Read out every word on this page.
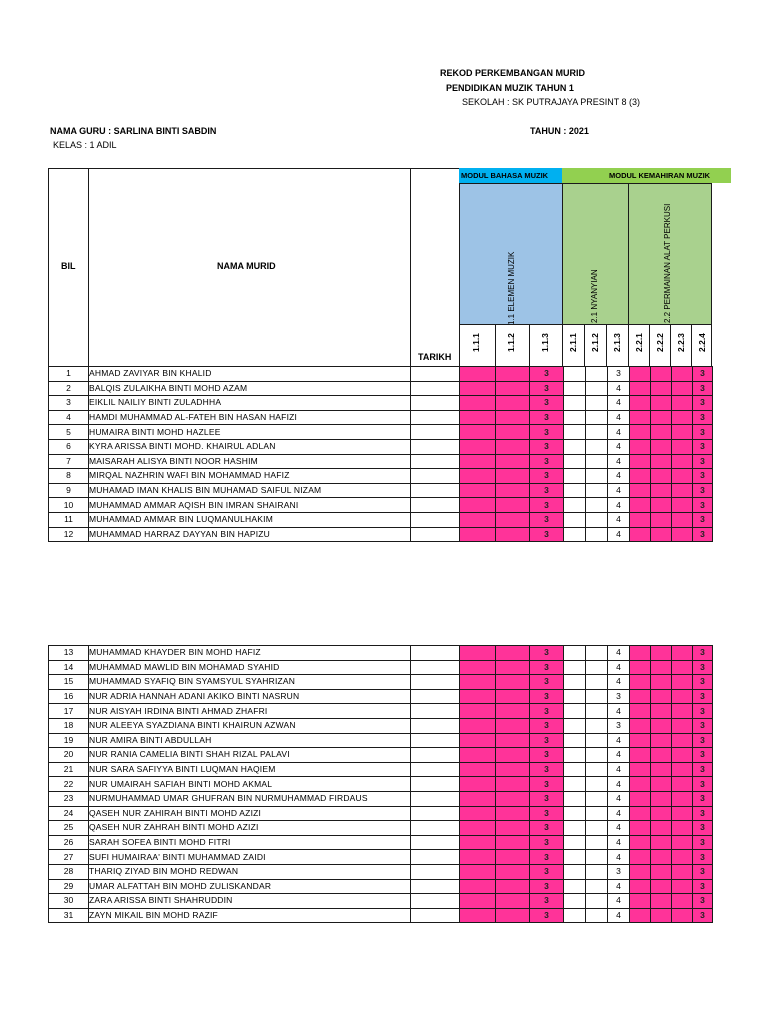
REKOD PERKEMBANGAN MURID
PENDIDIKAN MUZIK TAHUN 1
SEKOLAH : SK PUTRAJAYA PRESINT 8 (3)
NAMA GURU : SARLINA BINTI SABDIN	TAHUN : 2021
KELAS : 1 ADIL
BIL	NAMA MURID
TARIKH
MODUL BAHASA MUZIK	MODUL KEMAHIRAN MUZIK
1.1 ELEMEN MUZIK	2.1 NYANYIAN	2.2 PERMAINAN ALAT PERKUSI
1.1.1	1.1.2	1.1.3 2.1.1 2.1.2 2.1.3 2.2.1 2.2.2 2.2.3 2.2.4
1	AHMAD ZAVIYAR BIN KHALID				3			3				3
2	BALQIS ZULAIKHA BINTI MOHD AZAM				3			4				3
3	EIKLIL NAILIY BINTI ZULADHHA				3			4				3
4	HAMDI MUHAMMAD AL-FATEH BIN HASAN HAFIZI				3			4				3
5	HUMAIRA BINTI MOHD HAZLEE				3			4				3
6	KYRA ARISSA BINTI MOHD. KHAIRUL ADLAN				3			4				3
7	MAISARAH ALISYA BINTI NOOR HASHIM				3			4				3
8	MIRQAL NAZHRIN WAFI BIN MOHAMMAD HAFIZ				3			4				3
9	MUHAMAD IMAN KHALIS BIN MUHAMAD SAIFUL NIZAM				3			4				3
10	MUHAMMAD AMMAR AQISH BIN IMRAN SHAIRANI				3			4				3
11	MUHAMMAD AMMAR BIN LUQMANULHAKIM				3			4				3
12	MUHAMMAD HARRAZ DAYYAN BIN HAPIZU				3			4				3
13	MUHAMMAD KHAYDER BIN MOHD HAFIZ				3			4				3
14	MUHAMMAD MAWLID BIN MOHAMAD SYAHID				3			4				3
15	MUHAMMAD SYAFIQ BIN SYAMSYUL SYAHRIZAN				3			4				3
16	NUR ADRIA HANNAH ADANI AKIKO BINTI NASRUN				3			3				3
17	NUR AISYAH IRDINA BINTI AHMAD ZHAFRI				3			4				3
18	NUR ALEEYA SYAZDIANA BINTI KHAIRUN AZWAN				3			3				3
19	NUR AMIRA BINTI ABDULLAH				3			4				3
20	NUR RANIA CAMELIA BINTI SHAH RIZAL PALAVI				3			4				3
21	NUR SARA SAFIYYA BINTI LUQMAN HAQIEM				3			4				3
22	NUR UMAIRAH SAFIAH BINTI MOHD AKMAL				3			4				3
23	NURMUHAMMAD UMAR GHUFRAN BIN NURMUHAMMAD FIRDAUS				3			4				3
24	QASEH NUR ZAHIRAH BINTI MOHD AZIZI				3			4				3
25	QASEH NUR ZAHRAH BINTI MOHD AZIZI				3			4				3
26	SARAH SOFEA BINTI MOHD FITRI				3			4				3
27	SUFI HUMAIRAA' BINTI MUHAMMAD ZAIDI				3			4				3
28	THARIQ ZIYAD BIN MOHD REDWAN				3			3				3
29	UMAR ALFATTAH BIN MOHD ZULISKANDAR				3			4				3
30	ZARA ARISSA BINTI SHAHRUDDIN				3			4				3
31	ZAYN MIKAIL BIN MOHD RAZIF				3			4				3
